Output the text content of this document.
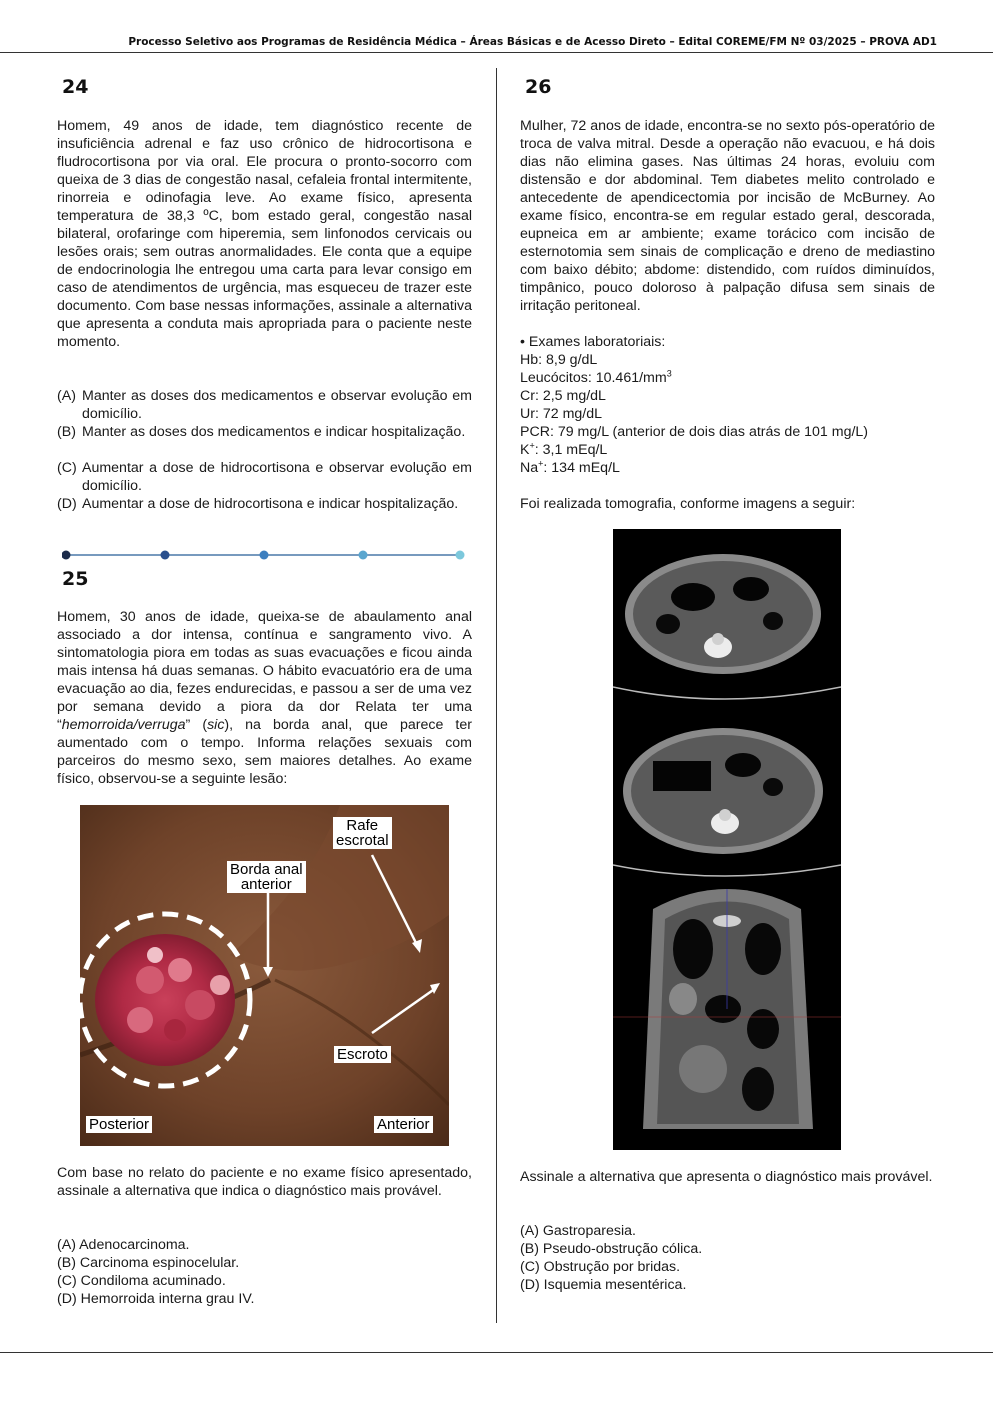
Processo Seletivo aos Programas de Residência Médica – Áreas Básicas e de Acesso Direto – Edital COREME/FM Nº 03/2025 – PROVA AD1
24

Homem, 49 anos de idade, tem diagnóstico recente de insuficiência adrenal e faz uso crônico de hidrocortisona e fludrocortisona por via oral. Ele procura o pronto-socorro com queixa de 3 dias de congestão nasal, cefaleia frontal intermitente, rinorreia e odinofagia leve. Ao exame físico, apresenta temperatura de 38,3 ºC, bom estado geral, congestão nasal bilateral, orofaringe com hiperemia, sem linfonodos cervicais ou lesões orais; sem outras anormalidades. Ele conta que a equipe de endocrinologia lhe entregou uma carta para levar consigo em caso de atendimentos de urgência, mas esqueceu de trazer este documento. Com base nessas informações, assinale a alternativa que apresenta a conduta mais apropriada para o paciente neste momento.

(A) Manter as doses dos medicamentos e observar evolução em domicílio.
(B) Manter as doses dos medicamentos e indicar hospitalização.
(C) Aumentar a dose de hidrocortisona e observar evolução em domicílio.
(D) Aumentar a dose de hidrocortisona e indicar hospitalização.
25

Homem, 30 anos de idade, queixa-se de abaulamento anal associado a dor intensa, contínua e sangramento vivo. A sintomatologia piora em todas as suas evacuações e ficou ainda mais intensa há duas semanas. O hábito evacuatório era de uma evacuação ao dia, fezes endurecidas, e passou a ser de uma vez por semana devido a piora da dor Relata ter uma “hemorroida/verruga” (sic), na borda anal, que parece ter aumentado com o tempo. Informa relações sexuais com parceiros do mesmo sexo, sem maiores detalhes. Ao exame físico, observou-se a seguinte lesão:

Rafe
escrotal
Borda anal
anterior
Escroto
Posterior	Anterior

Com base no relato do paciente e no exame físico apresentado, assinale a alternativa que indica o diagnóstico mais provável.

(A) Adenocarcinoma.
(B) Carcinoma espinocelular.
(C) Condiloma acuminado.
(D) Hemorroida interna grau IV.
26

Mulher, 72 anos de idade, encontra-se no sexto pós-operatório de troca de valva mitral. Desde a operação não evacuou, e há dois dias não elimina gases. Nas últimas 24 horas, evoluiu com distensão e dor abdominal. Tem diabetes melito controlado e antecedente de apendicectomia por incisão de McBurney. Ao exame físico, encontra-se em regular estado geral, descorada, eupneica em ar ambiente; exame torácico com incisão de esternotomia sem sinais de complicação e dreno de mediastino com baixo débito; abdome: distendido, com ruídos diminuídos, timpânico, pouco doloroso à palpação difusa sem sinais de irritação peritoneal.

• Exames laboratoriais:
Hb: 8,9 g/dL
Leucócitos: $10.461/mm^3$
Cr: 2,5 mg/dL
Ur: 72 mg/dL
PCR: 79 mg/L (anterior de dois dias atrás de 101 mg/L)
K+: 3,1 mEq/L
Na+: 134 mEq/L

Foi realizada tomografia, conforme imagens a seguir:

Assinale a alternativa que apresenta o diagnóstico mais provável.

(A) Gastroparesia.
(B) Pseudo-obstrução cólica.
(C) Obstrução por bridas.
(D) Isquemia mesentérica.
